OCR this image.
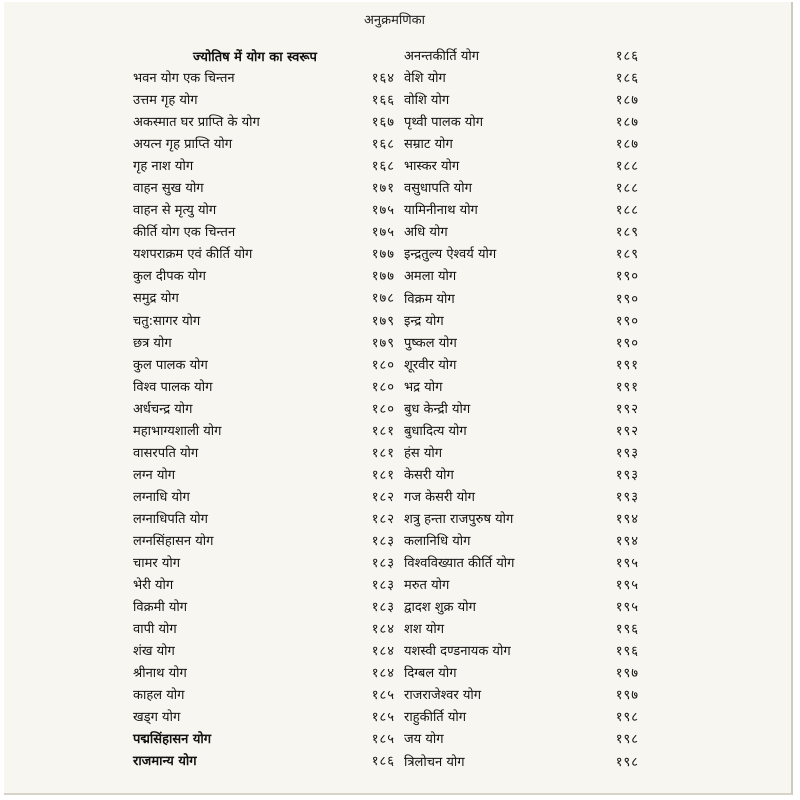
अनुक्रमणिका
ज्योतिष में योग का स्वरूप
भवन योग एक चिन्तन	१६४
उत्तम गृह योग	१६६
अकस्मात घर प्राप्ति के योग	१६७
अयत्न गृह प्राप्ति योग	१६८
गृह नाश योग	१६८
वाहन सुख योग	१७१
वाहन से मृत्यु योग	१७५
कीर्ति योग एक चिन्तन	१७५
यशपराक्रम एवं कीर्ति योग	१७७
कुल दीपक योग	१७७
समुद्र योग	१७८
चतु:सागर योग	१७९
छत्र योग	१७९
कुल पालक योग	१८०
विश्व पालक योग	१८०
अर्धचन्द्र योग	१८०
महाभाग्यशाली योग	१८१
वासरपति योग	१८१
लग्न योग	१८१
लग्नाधि योग	१८२
लग्नाधिपति योग	१८२
लग्नसिंहासन योग	१८३
चामर योग	१८३
भेरी योग	१८३
विक्रमी योग	१८३
वापी योग	१८४
शंख योग	१८४
श्रीनाथ योग	१८४
काहल योग	१८५
खड्ग योग	१८५
पद्मसिंहासन योग	१८५
राजमान्य योग	१८६
अनन्तकीर्ति योग	१८६
वेशि योग	१८६
वोशि योग	१८७
पृथ्वी पालक योग	१८७
सम्राट योग	१८७
भास्कर योग	१८८
वसुधापति योग	१८८
यामिनीनाथ योग	१८८
अधि योग	१८९
इन्द्रतुल्य ऐश्वर्य योग	१८९
अमला योग	१९०
विक्रम योग	१९०
इन्द्र योग	१९०
पुष्कल योग	१९०
शूरवीर योग	१९१
भद्र योग	१९१
बुध केन्द्री योग	१९२
बुधादित्य योग	१९२
हंस योग	१९३
केसरी योग	१९३
गज केसरी योग	१९३
शत्रु हन्ता राजपुरुष योग	१९४
कलानिधि योग	१९४
विश्वविख्यात कीर्ति योग	१९५
मरुत योग	१९५
द्वादश शुक्र योग	१९५
शश योग	१९६
यशस्वी दण्डनायक योग	१९६
दिग्बल योग	१९७
राजराजेश्वर योग	१९७
राहुकीर्ति योग	१९८
जय योग	१९८
त्रिलोचन योग	१९८
